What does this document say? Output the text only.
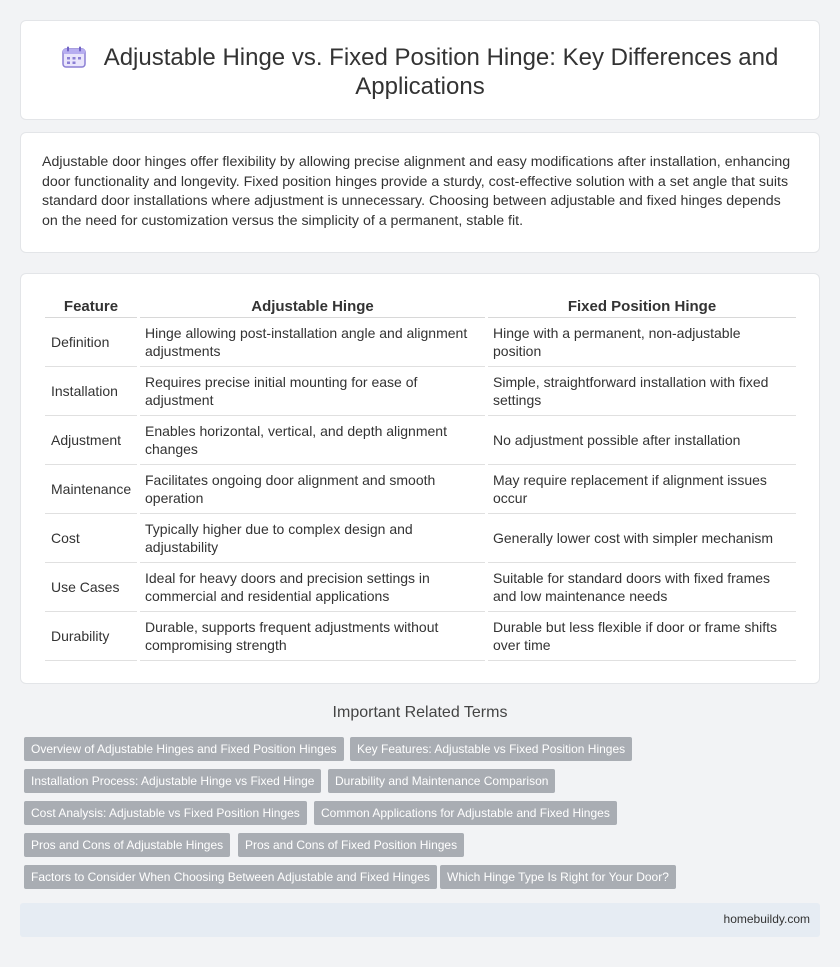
Adjustable Hinge vs. Fixed Position Hinge: Key Differences and Applications

Adjustable door hinges offer flexibility by allowing precise alignment and easy modifications after installation, enhancing door functionality and longevity. Fixed position hinges provide a sturdy, cost-effective solution with a set angle that suits standard door installations where adjustment is unnecessary. Choosing between adjustable and fixed hinges depends on the need for customization versus the simplicity of a permanent, stable fit.

Feature	Adjustable Hinge	Fixed Position Hinge
Definition	Hinge allowing post-installation angle and alignment adjustments	Hinge with a permanent, non-adjustable position
Installation	Requires precise initial mounting for ease of adjustment	Simple, straightforward installation with fixed settings
Adjustment	Enables horizontal, vertical, and depth alignment changes	No adjustment possible after installation
Maintenance	Facilitates ongoing door alignment and smooth operation	May require replacement if alignment issues occur
Cost	Typically higher due to complex design and adjustability	Generally lower cost with simpler mechanism
Use Cases	Ideal for heavy doors and precision settings in commercial and residential applications	Suitable for standard doors with fixed frames and low maintenance needs
Durability	Durable, supports frequent adjustments without compromising strength	Durable but less flexible if door or frame shifts over time
Important Related Terms
Overview of Adjustable Hinges and Fixed Position Hinges	Key Features: Adjustable vs Fixed Position Hinges
Installation Process: Adjustable Hinge vs Fixed Hinge	Durability and Maintenance Comparison
Cost Analysis: Adjustable vs Fixed Position Hinges	Common Applications for Adjustable and Fixed Hinges
Pros and Cons of Adjustable Hinges	Pros and Cons of Fixed Position Hinges
Factors to Consider When Choosing Between Adjustable and Fixed Hinges	Which Hinge Type Is Right for Your Door?
homebuildy.com
